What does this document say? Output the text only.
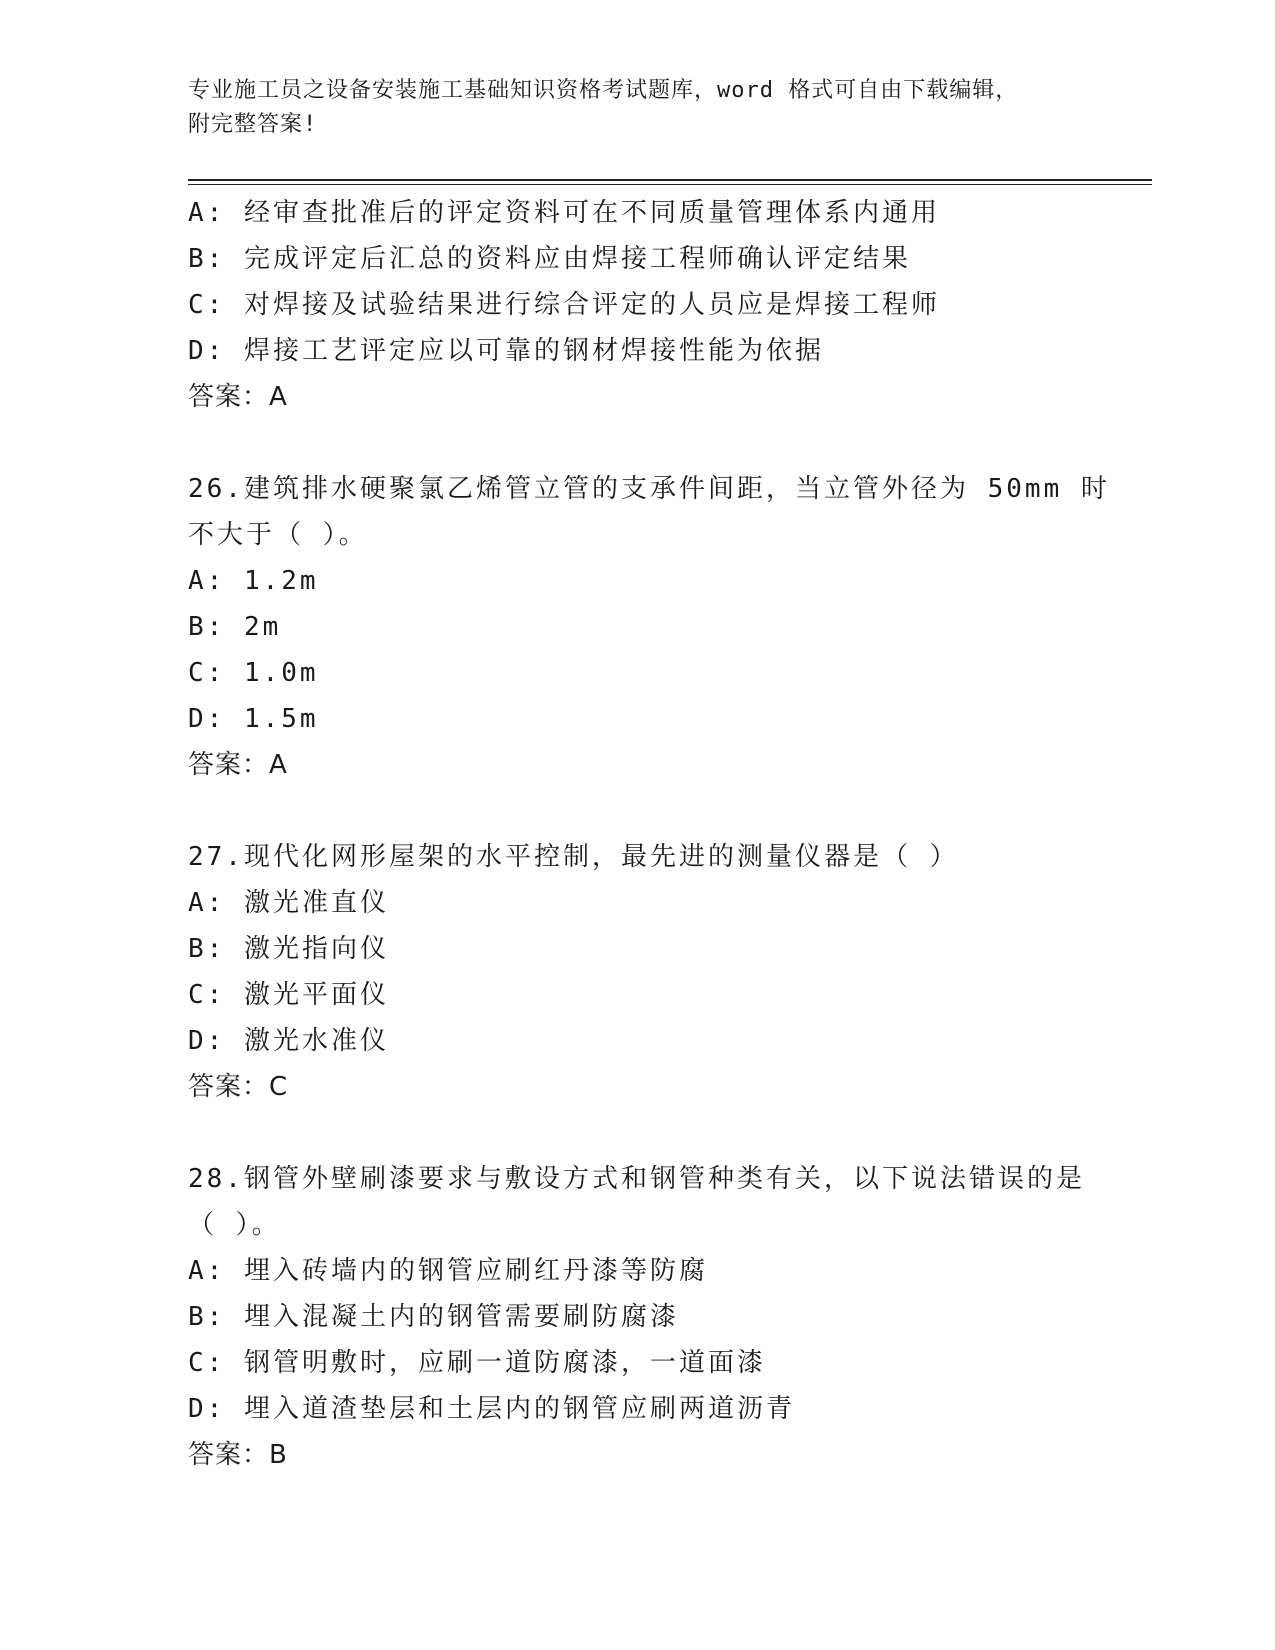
专业施工员之设备安装施工基础知识资格考试题库，word 格式可自由下载编辑，
附完整答案!
A: 经审查批准后的评定资料可在不同质量管理体系内通用
B: 完成评定后汇总的资料应由焊接工程师确认评定结果
C: 对焊接及试验结果进行综合评定的人员应是焊接工程师
D: 焊接工艺评定应以可靠的钢材焊接性能为依据
答案：A
26.建筑排水硬聚氯乙烯管立管的支承件间距，当立管外径为 50mm 时
不大于（ ）。
A: 1.2m
B: 2m
C: 1.0m
D: 1.5m
答案：A
27.现代化网形屋架的水平控制，最先进的测量仪器是（ ）
A: 激光准直仪
B: 激光指向仪
C: 激光平面仪
D: 激光水准仪
答案：C
28.钢管外壁刷漆要求与敷设方式和钢管种类有关，以下说法错误的是
（ ）。
A: 埋入砖墙内的钢管应刷红丹漆等防腐
B: 埋入混凝土内的钢管需要刷防腐漆
C: 钢管明敷时，应刷一道防腐漆，一道面漆
D: 埋入道渣垫层和土层内的钢管应刷两道沥青
答案：B
